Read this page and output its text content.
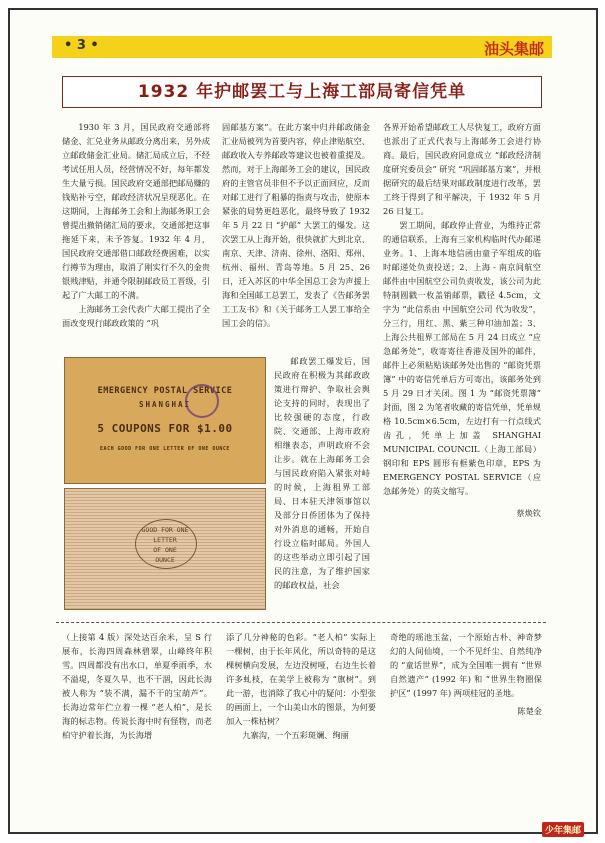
• 3 •	油头集邮
1932 年护邮罢工与上海工部局寄信凭单

1930 年 3 月，国民政府交通部将储金、汇兑业务从邮政分离出来，另外成立邮政储金汇业局。储汇局成立后，不经考试任用人员，经营情况不好，每年都发生大量亏损。国民政府交通部把邮局赚的钱贴补亏空，邮政经济状况呈现恶化。在这期间，上海邮务工会和上海邮务职工会曾提出撤销储汇局的要求，交通部把这事拖延下来，未予答复。1932 年 4 月，国民政府交通部借口邮政经费困难，以实行撙节为理由，取消了刚实行不久的金贵银贱津贴，并通令限制邮政员工晋级，引起了广大邮工的不满。

上海邮务工会代表广大邮工提出了全面改变现行邮政政策的 “巩

固邮基方案”。在此方案中归并邮政储金汇业局被列为首要内容，停止津贴航空、邮政收入专养邮政等建议也被着重提及。然而，对于上海邮务工会的建议，国民政府的主管官员非但不予以正面回应，反而对邮工进行了粗暴的指责与攻击，使原本紧张的局势更趋恶化，最终导致了 1932 年 5 月 22 日 “护邮” 大罢工的爆发。这次罢工从上海开始，很快就扩大到北京、南京、天津、济南、徐州、洛阳、郑州、杭州、福州、青岛等地。5 月 25、26 日，迁入苏区的中华全国总工会为声援上海和全国邮工总罢工，发表了《告邮务罢工工友书》和《关于邮务工人罢工事给全国工会的信》。

邮政罢工爆发后，国民政府在积极为其邮政政策进行辩护、争取社会舆论支持的同时，表现出了比较强硬的态度，行政院、交通部、上海市政府相继表态，声明政府不会让步。就在上海邮务工会与国民政府陷入紧张对峙的时候，上海租界工部局、日本驻天津领事馆以及部分日侨团体为了保持对外消息的通畅，开始自行设立临时邮局。外国人的这些举动立即引起了国民的注意，为了维护国家的邮政权益，社会

各界开始希望邮政工人尽快复工，政府方面也派出了正式代表与上海邮务工会进行协商。最后，国民政府同意成立 “邮政经济制度研究委员会” 研究 “巩固邮基方案”，并根据研究的最后结果对邮政制度进行改革，罢工终于得到了和平解决，于 1932 年 5 月 26 日复工。

罢工期间，邮政停止营业，为维持正常的通信联系，上海有三家机构临时代办邮递业务。1、上海本地信函由童子军组成的临时邮递处负责投送；2、上海 - 南京间航空邮件由中国航空公司负责收发，该公司为此特制圆戳一枚盖销邮票，戳径 4.5cm，文字为 “此信系由 中国航空公司 代为收发”，分三行，用红、黑、紫三种印油加盖；3、上海公共租界工部局在 5 月 24 日成立 “应急邮务处”，收寄寄往香港及国外的邮件，邮件上必须粘贴该邮务处出售的 “邮资凭票簿” 中的寄信凭单后方可寄出，该邮务处到 5 月 29 日才关闭。图 1 为 “邮资凭票簿” 封面，图 2 为笔者收藏的寄信凭单，凭单规格 10.5cm×6.5cm，左边打有一行点线式齿孔，凭单上加盖 SHANGHAI MUNICIPAL COUNCIL（上海工部局）钢印和 EPS 圆形有框紫色印章，EPS 为 EMERGENCY POSTAL SERVICE（应急邮务处）的英文缩写。

蔡焕钦

EMERGENCY POSTAL SERVICE
SHANGHAI
5 COUPONS FOR $1.00
EACH GOOD FOR ONE LETTER OF ONE OUNCE
GOOD FOR ONE
LETTER
OF ONE
OUNCE

（上接第 4 版）深处达百余米，呈 S 行展布，长海四周森林碧翠，山峰终年积雪。四周都没有出水口，单夏季雨季，水不溢堤，冬夏久旱，也不干涸，因此长海被人称为 “装不满，漏不干的宝葫芦”。长海边常年伫立着一棵 “老人柏”，是长海的标志物。传说长海中时有怪物，而老柏守护着长海，为长海增

添了几分神秘的色彩。“老人柏” 实际上一棵树，由于长年风化，所以奇特的是这棵树横向发展，左边没树哑，右边生长着许多虬枝，在美学上被称为 “旗树”。到此一游，也消除了我心中的疑问：小型张的画面上，一个山美山水的图景，为何要加入一株枯树？

九寨沟，一个五彩斑斓、绚丽

奇绝的瑶池玉盆，一个原始古朴、神奇梦幻的人间仙境，一个不见纤尘、自然纯净的 “童话世界”，成为全国唯一拥有 “世界自然遗产” (1992 年) 和 “世界生物圈保护区” (1997 年) 两项桂冠的圣地。

陈楚金

少年集邮
